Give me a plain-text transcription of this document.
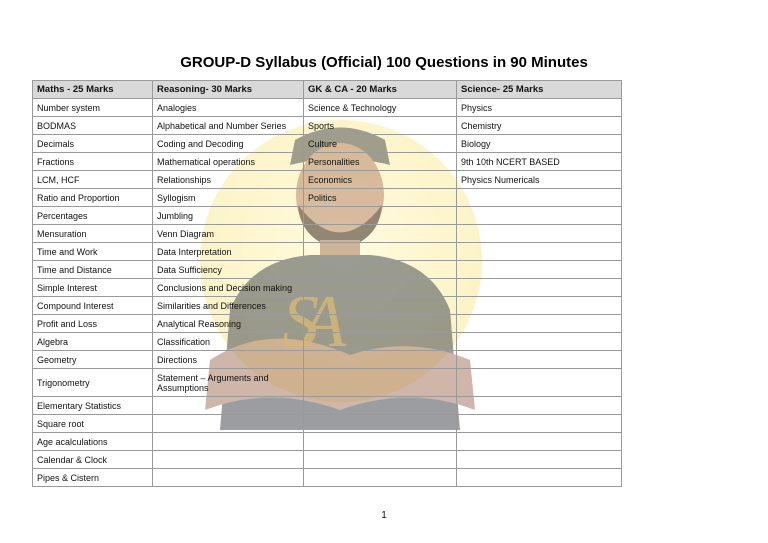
SA
GROUP-D Syllabus (Official) 100 Questions in 90 Minutes
Maths - 25 Marks	Reasoning- 30 Marks	GK & CA - 20 Marks	Science- 25 Marks
Number system	Analogies	Science & Technology	Physics
BODMAS	Alphabetical and Number Series	Sports	Chemistry
Decimals	Coding and Decoding	Culture	Biology
Fractions	Mathematical operations	Personalities	9th 10th NCERT BASED
LCM, HCF	Relationships	Economics	Physics Numericals
Ratio and Proportion	Syllogism	Politics	
Percentages	Jumbling		
Mensuration	Venn Diagram		
Time and Work	Data Interpretation		
Time and Distance	Data Sufficiency		
Simple Interest	Conclusions and Decision making		
Compound Interest	Similarities and Differences		
Profit and Loss	Analytical Reasoning		
Algebra	Classification		
Geometry	Directions		
Trigonometry	Statement – Arguments and Assumptions		
Elementary Statistics			
Square root			
Age acalculations			
Calendar & Clock			
Pipes & Cistern			
1
